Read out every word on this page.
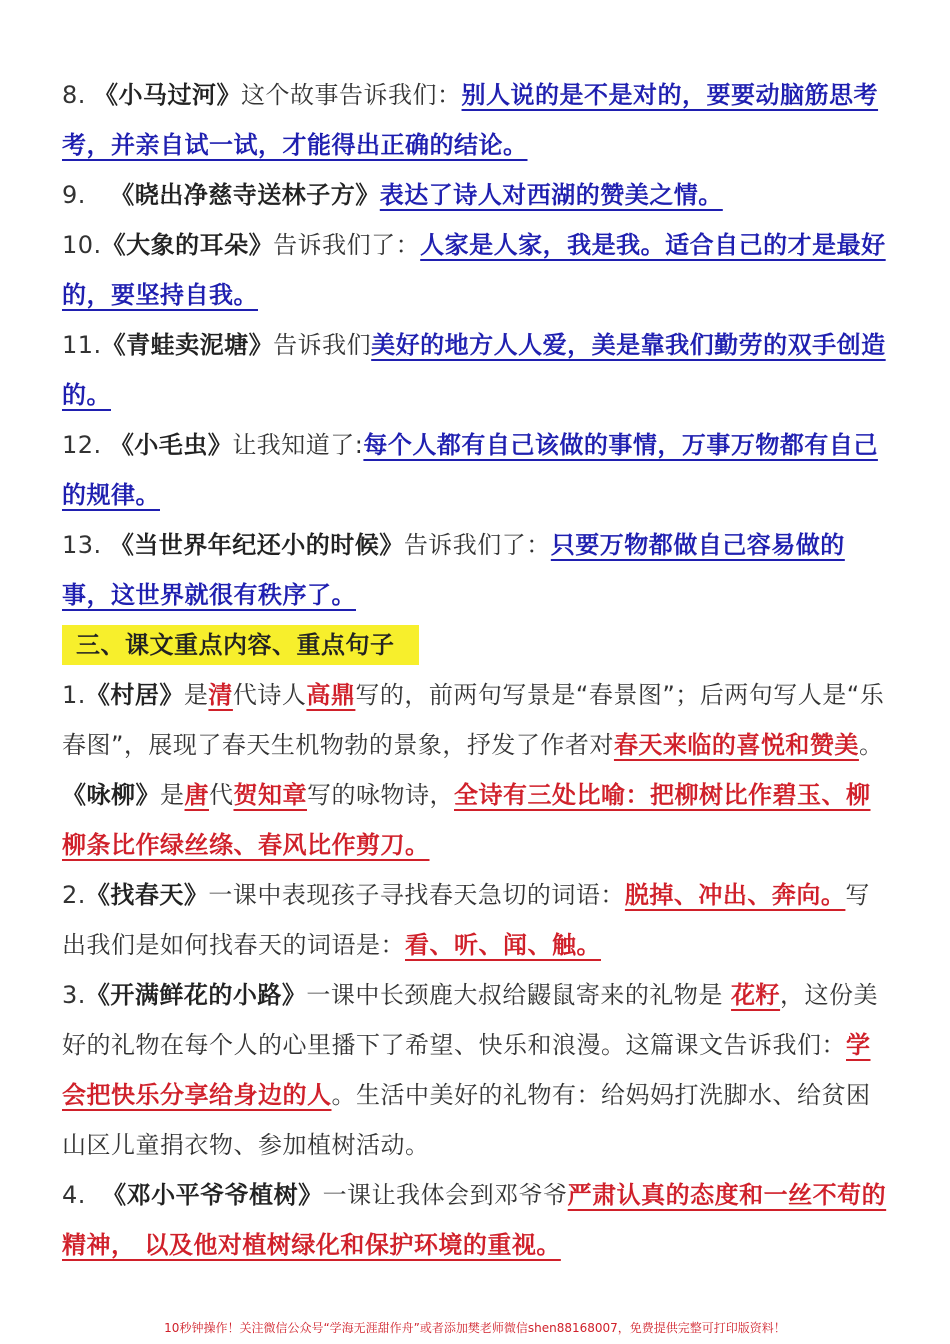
8. 《小马过河》这个故事告诉我们：别人说的是不是对的，要要动脑筋思考考，并亲自试一试，才能得出正确的结论。

9. 《晓出净慈寺送林子方》表达了诗人对西湖的赞美之情。

10.《大象的耳朵》告诉我们了：人家是人家，我是我。适合自己的才是最好的，要坚持自我。

11.《青蛙卖泥塘》告诉我们美好的地方人人爱，美是靠我们勤劳的双手创造的。

12. 《小毛虫》让我知道了:每个人都有自己该做的事情，万事万物都有自己的规律。

13. 《当世界年纪还小的时候》告诉我们了：只要万物都做自己容易做的事，这世界就很有秩序了。

三、课文重点内容、重点句子

1.《村居》是清代诗人高鼎写的，前两句写景是“春景图”；后两句写人是“乐春图”，展现了春天生机物勃的景象，抒发了作者对春天来临的喜悦和赞美。
《咏柳》是唐代贺知章写的咏物诗，全诗有三处比喻：把柳树比作碧玉、柳柳条比作绿丝绦、春风比作剪刀。

2.《找春天》一课中表现孩子寻找春天急切的词语：脱掉、冲出、奔向。写出我们是如何找春天的词语是：看、听、闻、触。

3.《开满鲜花的小路》一课中长颈鹿大叔给鼹鼠寄来的礼物是 花籽，这份美好的礼物在每个人的心里播下了希望、快乐和浪漫。这篇课文告诉我们：学会把快乐分享给身边的人。生活中美好的礼物有：给妈妈打洗脚水、给贫困山区儿童捐衣物、参加植树活动。

4. 《邓小平爷爷植树》一课让我体会到邓爷爷严肃认真的态度和一丝不苟的精神， 以及他对植树绿化和保护环境的重视。

10秒钟操作！关注微信公众号“学海无涯甜作舟”或者添加樊老师微信shen88168007，免费提供完整可打印版资料！
